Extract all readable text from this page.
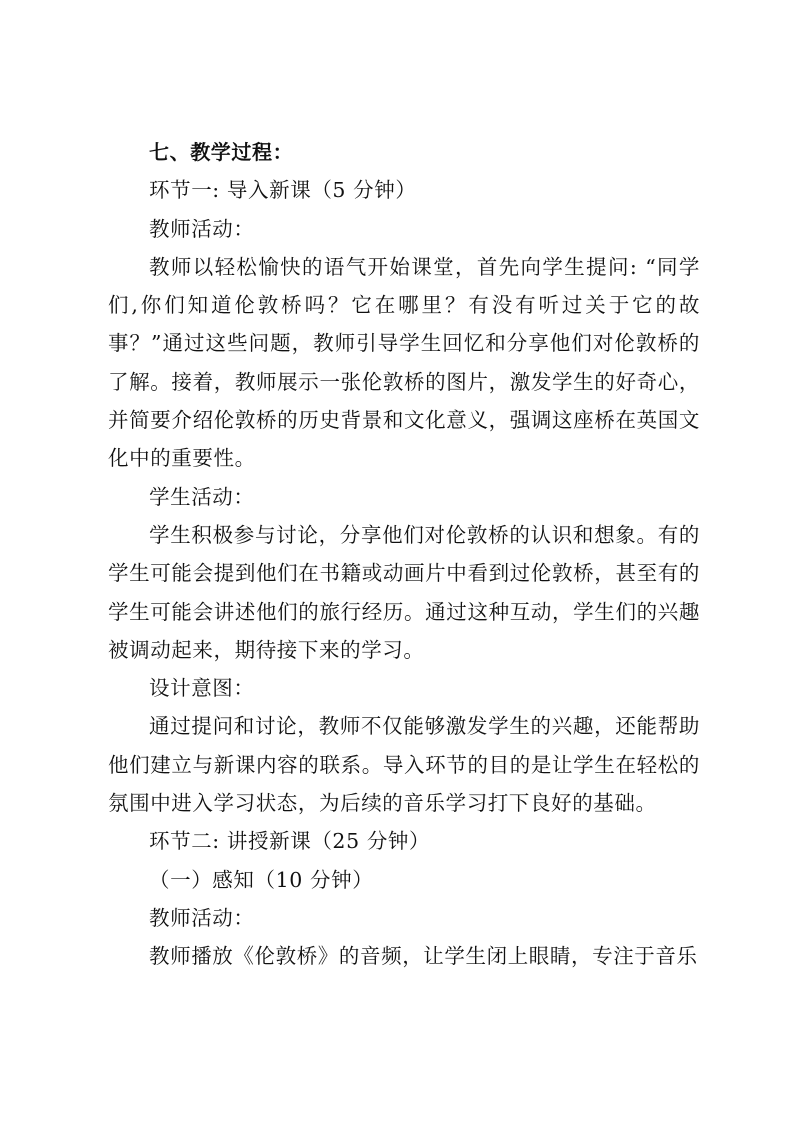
七、教学过程：

环节一: 导入新课（5 分钟）

教师活动：

教师以轻松愉快的语气开始课堂，首先向学生提问: “同学们,你们知道伦敦桥吗？它在哪里？有没有听过关于它的故事？”通过这些问题，教师引导学生回忆和分享他们对伦敦桥的了解。接着，教师展示一张伦敦桥的图片，激发学生的好奇心，并简要介绍伦敦桥的历史背景和文化意义，强调这座桥在英国文化中的重要性。

学生活动：

学生积极参与讨论，分享他们对伦敦桥的认识和想象。有的学生可能会提到他们在书籍或动画片中看到过伦敦桥，甚至有的学生可能会讲述他们的旅行经历。通过这种互动，学生们的兴趣被调动起来，期待接下来的学习。

设计意图：

通过提问和讨论，教师不仅能够激发学生的兴趣，还能帮助他们建立与新课内容的联系。导入环节的目的是让学生在轻松的氛围中进入学习状态，为后续的音乐学习打下良好的基础。

环节二: 讲授新课（25 分钟）

（一）感知（10 分钟）

教师活动：

教师播放《伦敦桥》的音频，让学生闭上眼睛，专注于音乐
